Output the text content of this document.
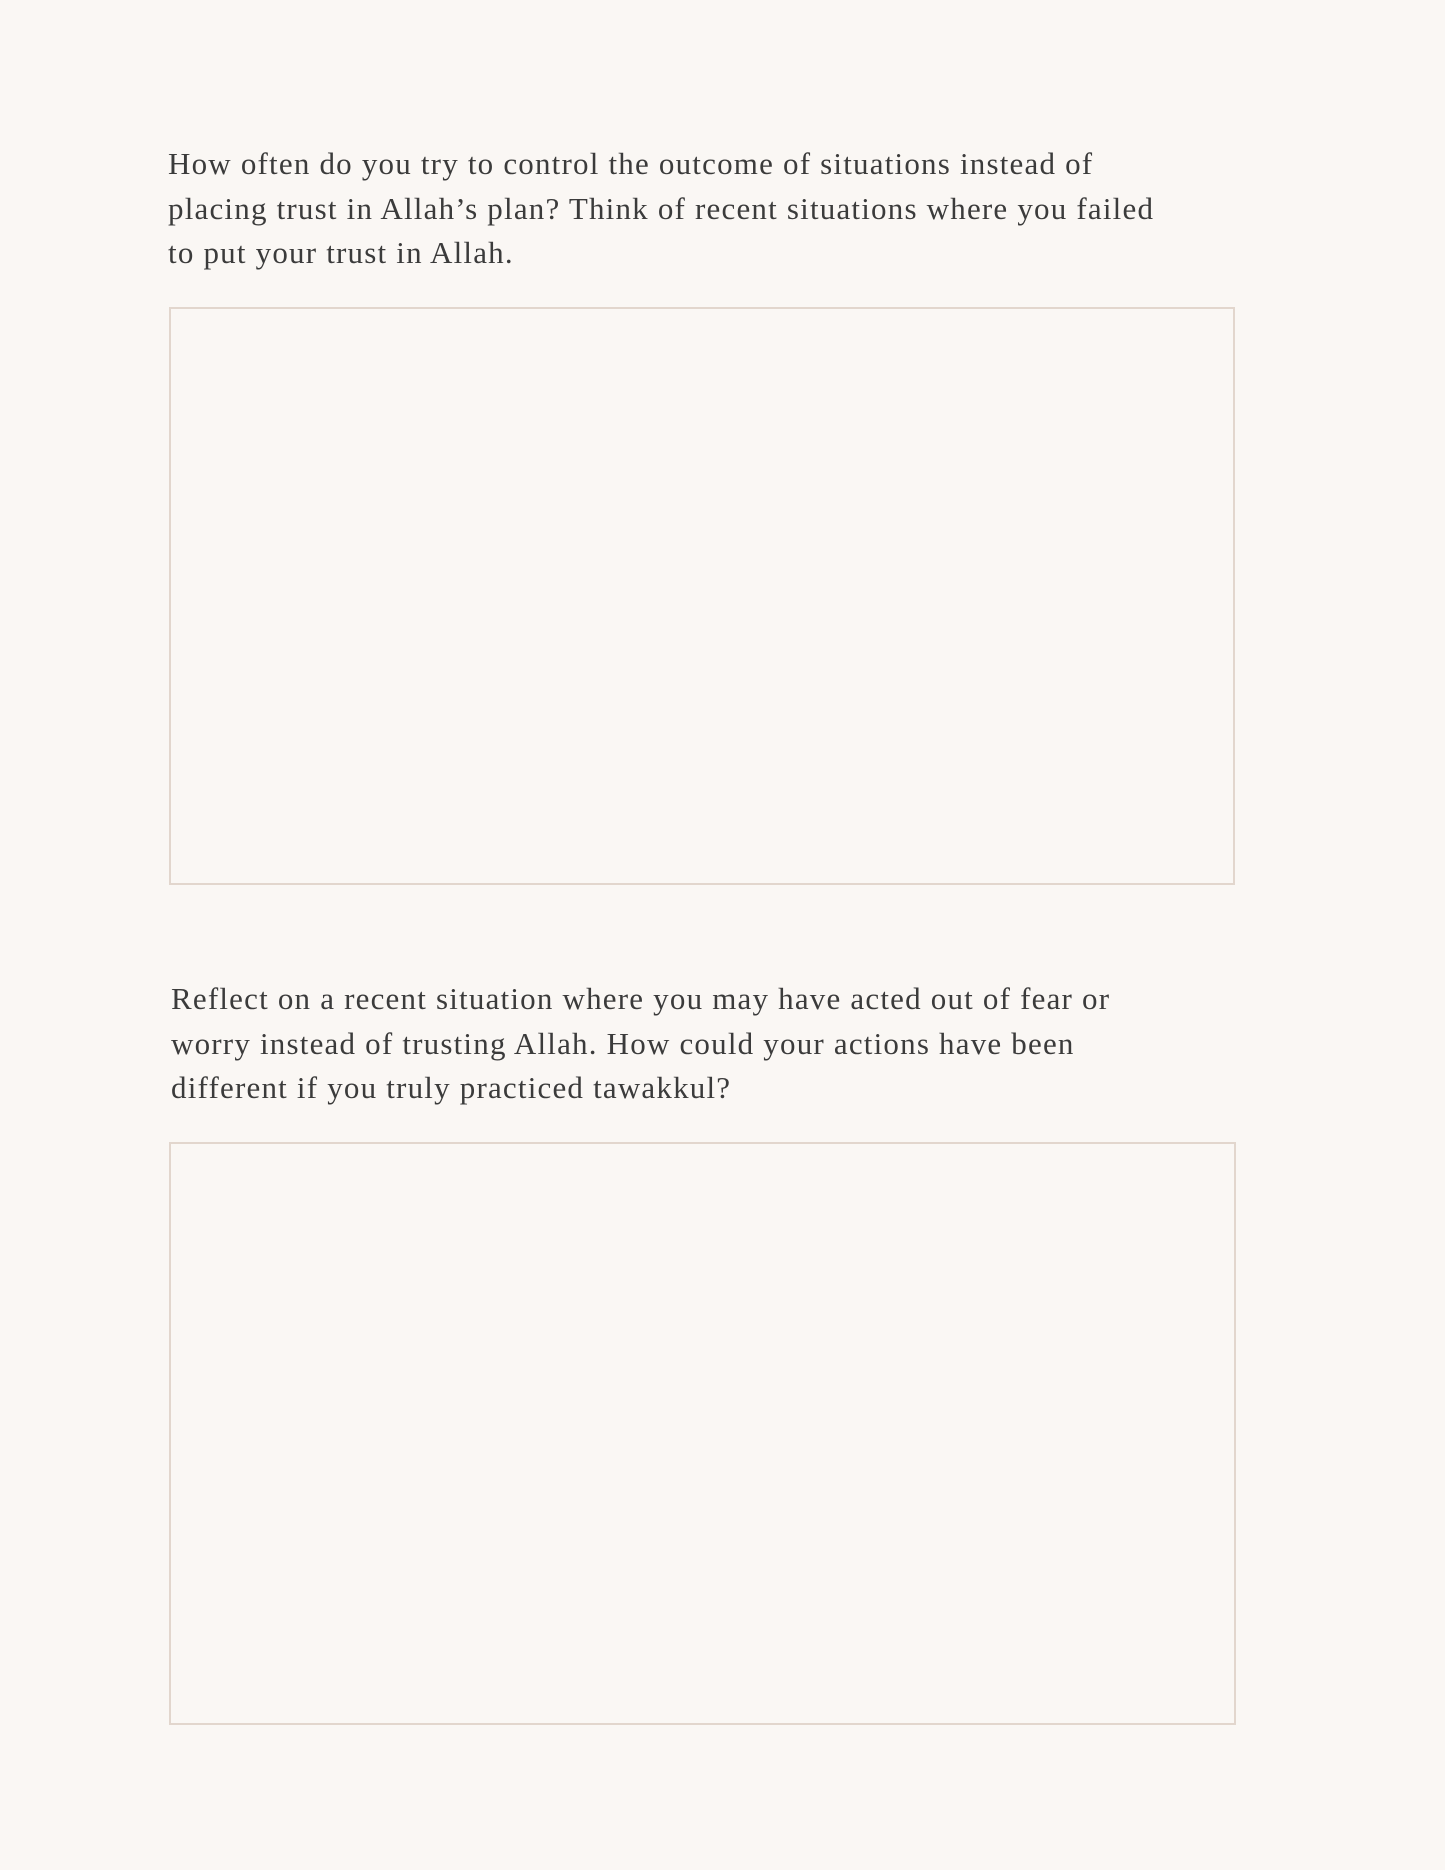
How often do you try to control the outcome of situations instead of
placing trust in Allah’s plan? Think of recent situations where you failed
to put your trust in Allah.

Reflect on a recent situation where you may have acted out of fear or
worry instead of trusting Allah. How could your actions have been
different if you truly practiced tawakkul?
